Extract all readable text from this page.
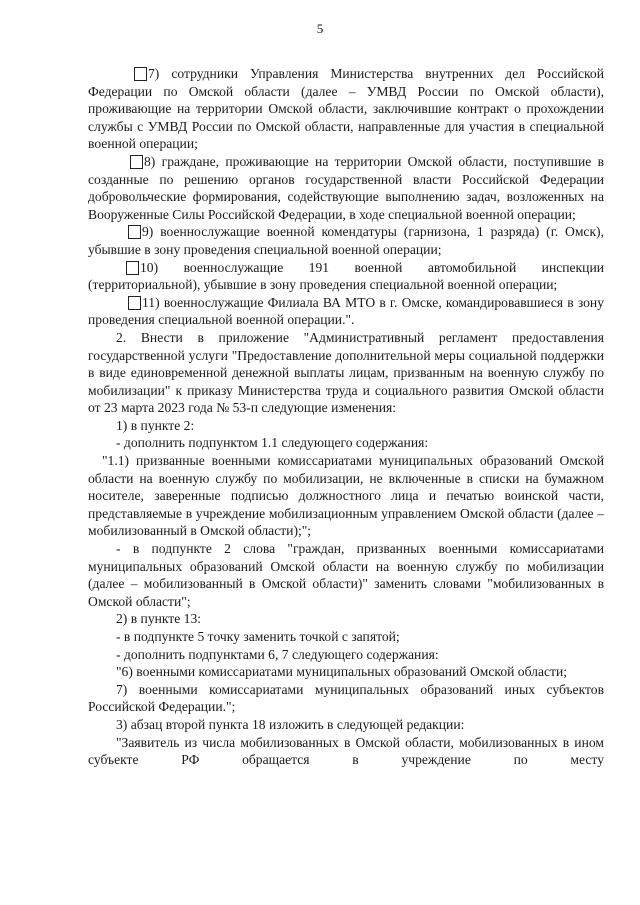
5

7) сотрудники Управления Министерства внутренних дел Российской Федерации по Омской области (далее – УМВД России по Омской области), проживающие на территории Омской области, заключившие контракт о прохождении службы с УМВД России по Омской области, направленные для участия в специальной военной операции;

8) граждане, проживающие на территории Омской области, поступившие в созданные по решению органов государственной власти Российской Федерации добровольческие формирования, содействующие выполнению задач, возложенных на Вооруженные Силы Российской Федерации, в ходе специальной военной операции;

9) военнослужащие военной комендатуры (гарнизона, 1 разряда) (г. Омск), убывшие в зону проведения специальной военной операции;

10) военнослужащие 191 военной автомобильной инспекции (территориальной), убывшие в зону проведения специальной военной операции;

11) военнослужащие Филиала ВА МТО в г. Омске, командировавшиеся в зону проведения специальной военной операции.".

2. Внести в приложение "Административный регламент предоставления государственной услуги "Предоставление дополнительной меры социальной поддержки в виде единовременной денежной выплаты лицам, призванным на военную службу по мобилизации" к приказу Министерства труда и социального развития Омской области от 23 марта 2023 года № 53-п следующие изменения:

1) в пункте 2:

- дополнить подпунктом 1.1 следующего содержания:

"1.1) призванные военными комиссариатами муниципальных образований Омской области на военную службу по мобилизации, не включенные в списки на бумажном носителе, заверенные подписью должностного лица и печатью воинской части, представляемые в учреждение мобилизационным управлением Омской области (далее – мобилизованный в Омской области);";

- в подпункте 2 слова "граждан, призванных военными комиссариатами муниципальных образований Омской области на военную службу по мобилизации (далее – мобилизованный в Омской области)" заменить словами "мобилизованных в Омской области";

2) в пункте 13:

- в подпункте 5 точку заменить точкой с запятой;

- дополнить подпунктами 6, 7 следующего содержания:

"6) военными комиссариатами муниципальных образований Омской области;

7) военными комиссариатами муниципальных образований иных субъектов Российской Федерации.";

3) абзац второй пункта 18 изложить в следующей редакции:

"Заявитель из числа мобилизованных в Омской области, мобилизованных в ином субъекте РФ обращается в учреждение по месту
